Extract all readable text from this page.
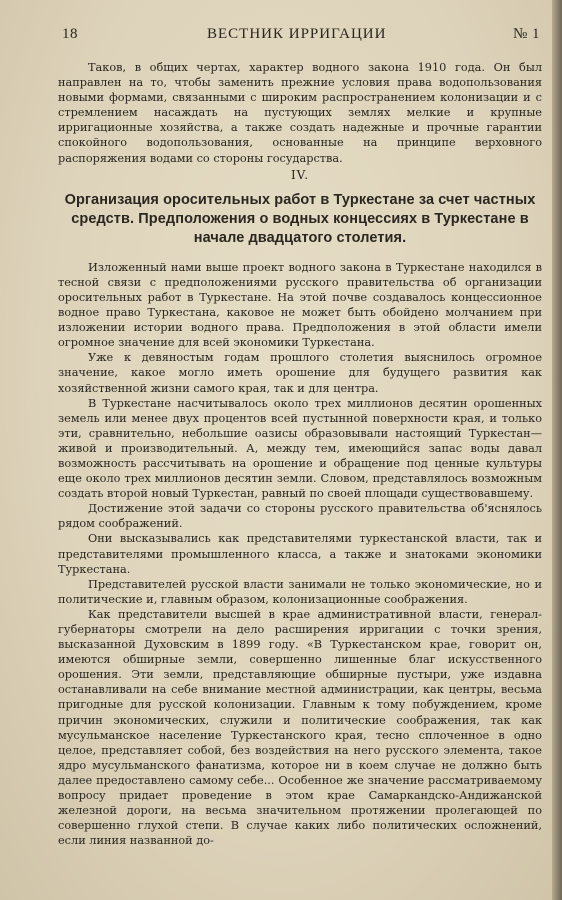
18	ВЕСТНИК ИРРИГАЦИИ	№ 1

Таков, в общих чертах, характер водного закона 1910 года. Он был направлен на то, чтобы заменить прежние условия права водопользования новыми формами, связанными с широким распространением колонизации и с стремлением насаждать на пустующих землях мелкие и крупные ирригационные хозяйства, а также создать надежные и прочные гарантии спокойного водопользования, основанные на принципе верховного распоряжения водами со стороны государства.

IV.
Организация оросительных работ в Туркестане за счет частных средств. Предположения о водных концессиях в Туркестане в начале двадцатого столетия.

Изложенный нами выше проект водного закона в Туркестане находился в тесной связи с предположениями русского правительства об организации оросительных работ в Туркестане. На этой почве создавалось концессионное водное право Туркестана, каковое не может быть обойдено молчанием при изложении истории водного права. Предположения в этой области имели огромное значение для всей экономики Туркестана.

Уже к девяностым годам прошлого столетия выяснилось огромное значение, какое могло иметь орошение для будущего развития как хозяйственной жизни самого края, так и для центра.

В Туркестане насчитывалось около трех миллионов десятин орошенных земель или менее двух процентов всей пустынной поверхности края, и только эти, сравнительно, небольшие оазисы образовывали настоящий Туркестан—живой и производительный. А, между тем, имеющийся запас воды давал возможность рассчитывать на орошение и обращение под ценные культуры еще около трех миллионов десятин земли. Словом, представлялось возможным создать второй новый Туркестан, равный по своей площади существовавшему.

Достижение этой задачи со стороны русского правительства об'яснялось рядом соображений.

Они высказывались как представителями туркестанской власти, так и представителями промышленного класса, а также и знатоками экономики Туркестана.

Представителей русской власти занимали не только экономические, но и политические и, главным образом, колонизационные соображения.

Как представители высшей в крае административной власти, генерал-губернаторы смотрели на дело расширения ирригации с точки зрения, высказанной Духовским в 1899 году. «В Туркестанском крае, говорит он, имеются обширные земли, совершенно лишенные благ искусственного орошения. Эти земли, представляющие обширные пустыри, уже издавна останавливали на себе внимание местной администрации, как центры, весьма пригодные для русской колонизации. Главным к тому побуждением, кроме причин экономических, служили и политические соображения, так как мусульманское население Туркестанского края, тесно сплоченное в одно целое, представляет собой, без воздействия на него русского элемента, такое ядро мусульманского фанатизма, которое ни в коем случае не должно быть далее предоставлено самому себе... Особенное же значение рассматриваемому вопросу придает проведение в этом крае Самаркандско-Андижанской железной дороги, на весьма значительном протяжении пролегающей по совершенно глухой степи. В случае каких либо политических осложнений, если линия названной до-
